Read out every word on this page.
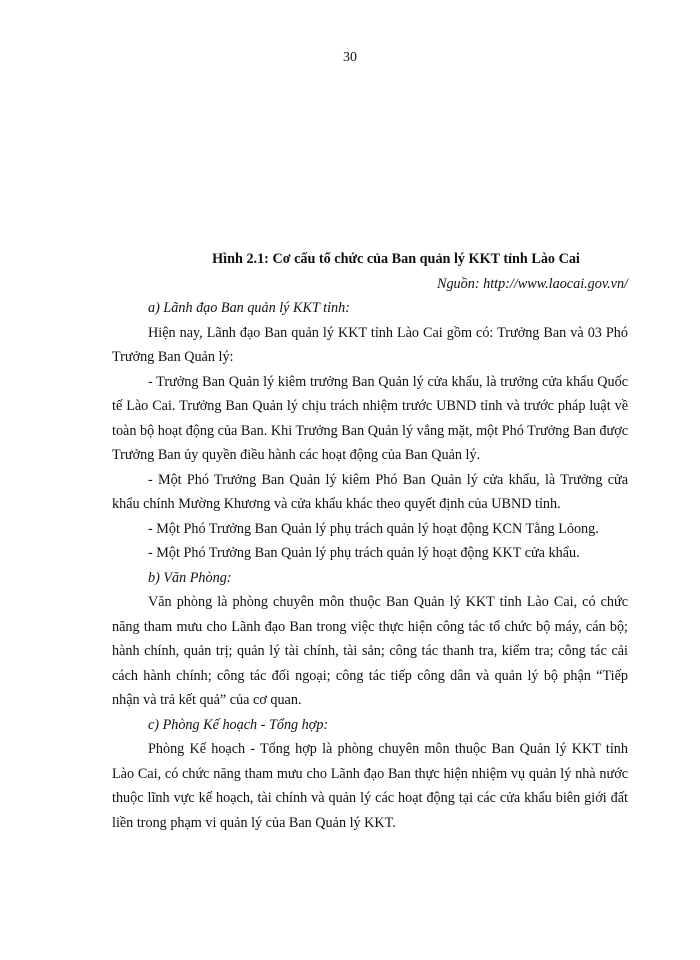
30

Hình 2.1: Cơ cấu tổ chức của Ban quản lý KKT tỉnh Lào Cai

Nguồn: http://www.laocai.gov.vn/

a) Lãnh đạo Ban quản lý KKT tỉnh:

Hiện nay, Lãnh đạo Ban quản lý KKT tỉnh Lào Cai gồm có: Trưởng Ban và 03 Phó Trưởng Ban Quản lý:

- Trưởng Ban Quản lý kiêm trưởng Ban Quản lý cửa khẩu, là trưởng cửa khẩu Quốc tế Lào Cai. Trưởng Ban Quản lý chịu trách nhiệm trước UBND tỉnh và trước pháp luật về toàn bộ hoạt động của Ban. Khi Trưởng Ban Quản lý vắng mặt, một Phó Trưởng Ban được Trưởng Ban ủy quyền điều hành các hoạt động của Ban Quản lý.

- Một Phó Trưởng Ban Quản lý kiêm Phó Ban Quản lý cửa khẩu, là Trưởng cửa khẩu chính Mường Khương và cửa khẩu khác theo quyết định của UBND tỉnh.

- Một Phó Trưởng Ban Quản lý phụ trách quản lý hoạt động KCN Tằng Lỏong.

- Một Phó Trưởng Ban Quản lý phụ trách quản lý hoạt động KKT cửa khẩu.

b) Văn Phòng:

Văn phòng là phòng chuyên môn thuộc Ban Quản lý KKT tỉnh Lào Cai, có chức năng tham mưu cho Lãnh đạo Ban trong việc thực hiện công tác tổ chức bộ máy, cán bộ; hành chính, quản trị; quản lý tài chính, tài sản; công tác thanh tra, kiểm tra; công tác cải cách hành chính; công tác đối ngoại; công tác tiếp công dân và quản lý bộ phận “Tiếp nhận và trả kết quả” của cơ quan.

c) Phòng Kế hoạch - Tổng hợp:

Phòng Kế hoạch - Tổng hợp là phòng chuyên môn thuộc Ban Quản lý KKT tỉnh Lào Cai, có chức năng tham mưu cho Lãnh đạo Ban thực hiện nhiệm vụ quản lý nhà nước thuộc lĩnh vực kế hoạch, tài chính và quản lý các hoạt động tại các cửa khẩu biên giới đất liền trong phạm vi quản lý của Ban Quản lý KKT.
